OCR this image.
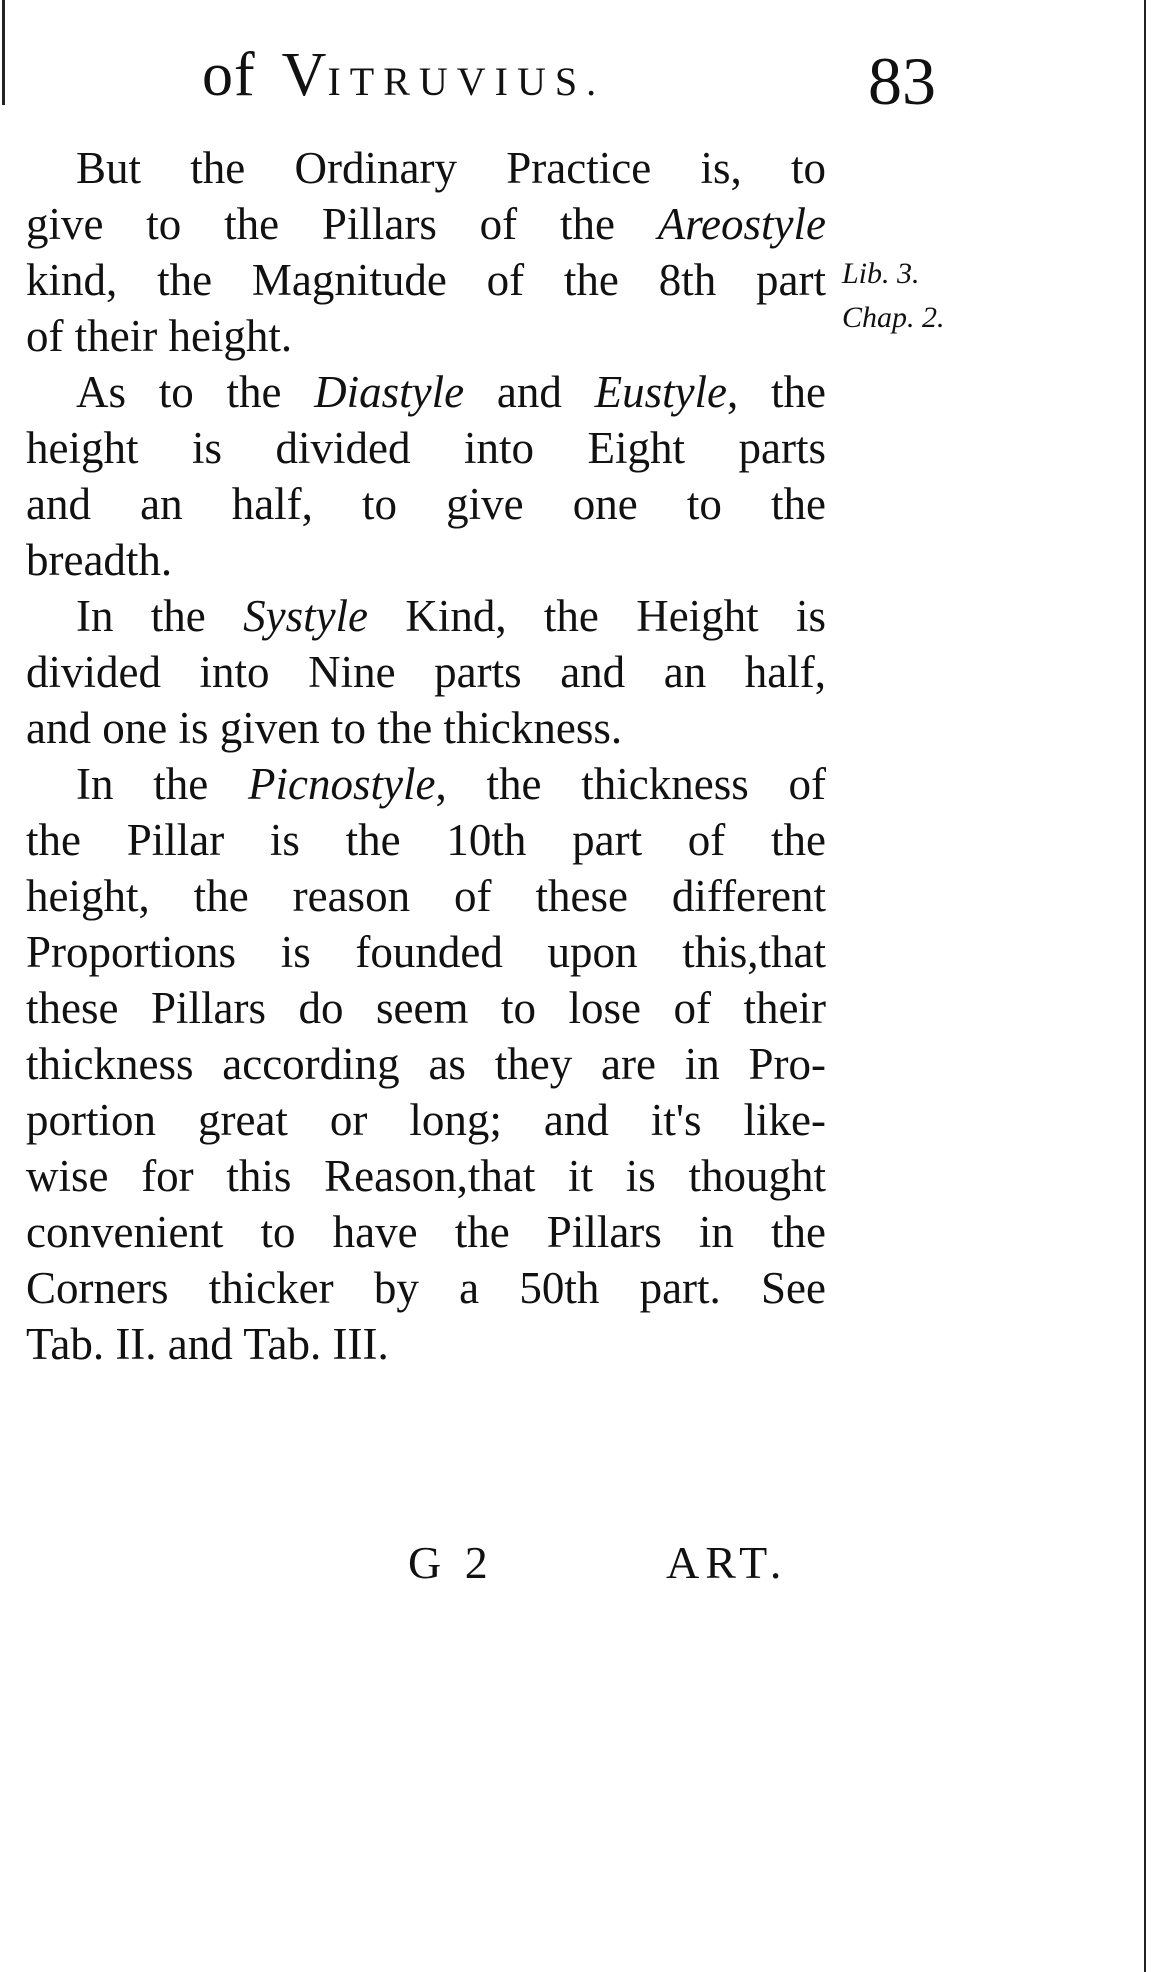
of VITRUVIUS.	83
Lib. 3.
Chap. 2.

But the Ordinary Practice is, to
give to the Pillars of the Areostyle
kind, the Magnitude of the 8th part
of their height.

As to the Diastyle and Eustyle, the
height is divided into Eight parts
and an half, to give one to the
breadth.

In the Systyle Kind, the Height is
divided into Nine parts and an half,
and one is given to the thickness.

In the Picnostyle, the thickness of
the Pillar is the 10th part of the
height, the reason of these different
Proportions is founded upon this,that
these Pillars do seem to lose of their
thickness according as they are in Pro-
portion great or long; and it's like-
wise for this Reason,that it is thought
convenient to have the Pillars in the
Corners thicker by a 50th part. See
Tab. II. and Tab. III.

G 2	ART.
